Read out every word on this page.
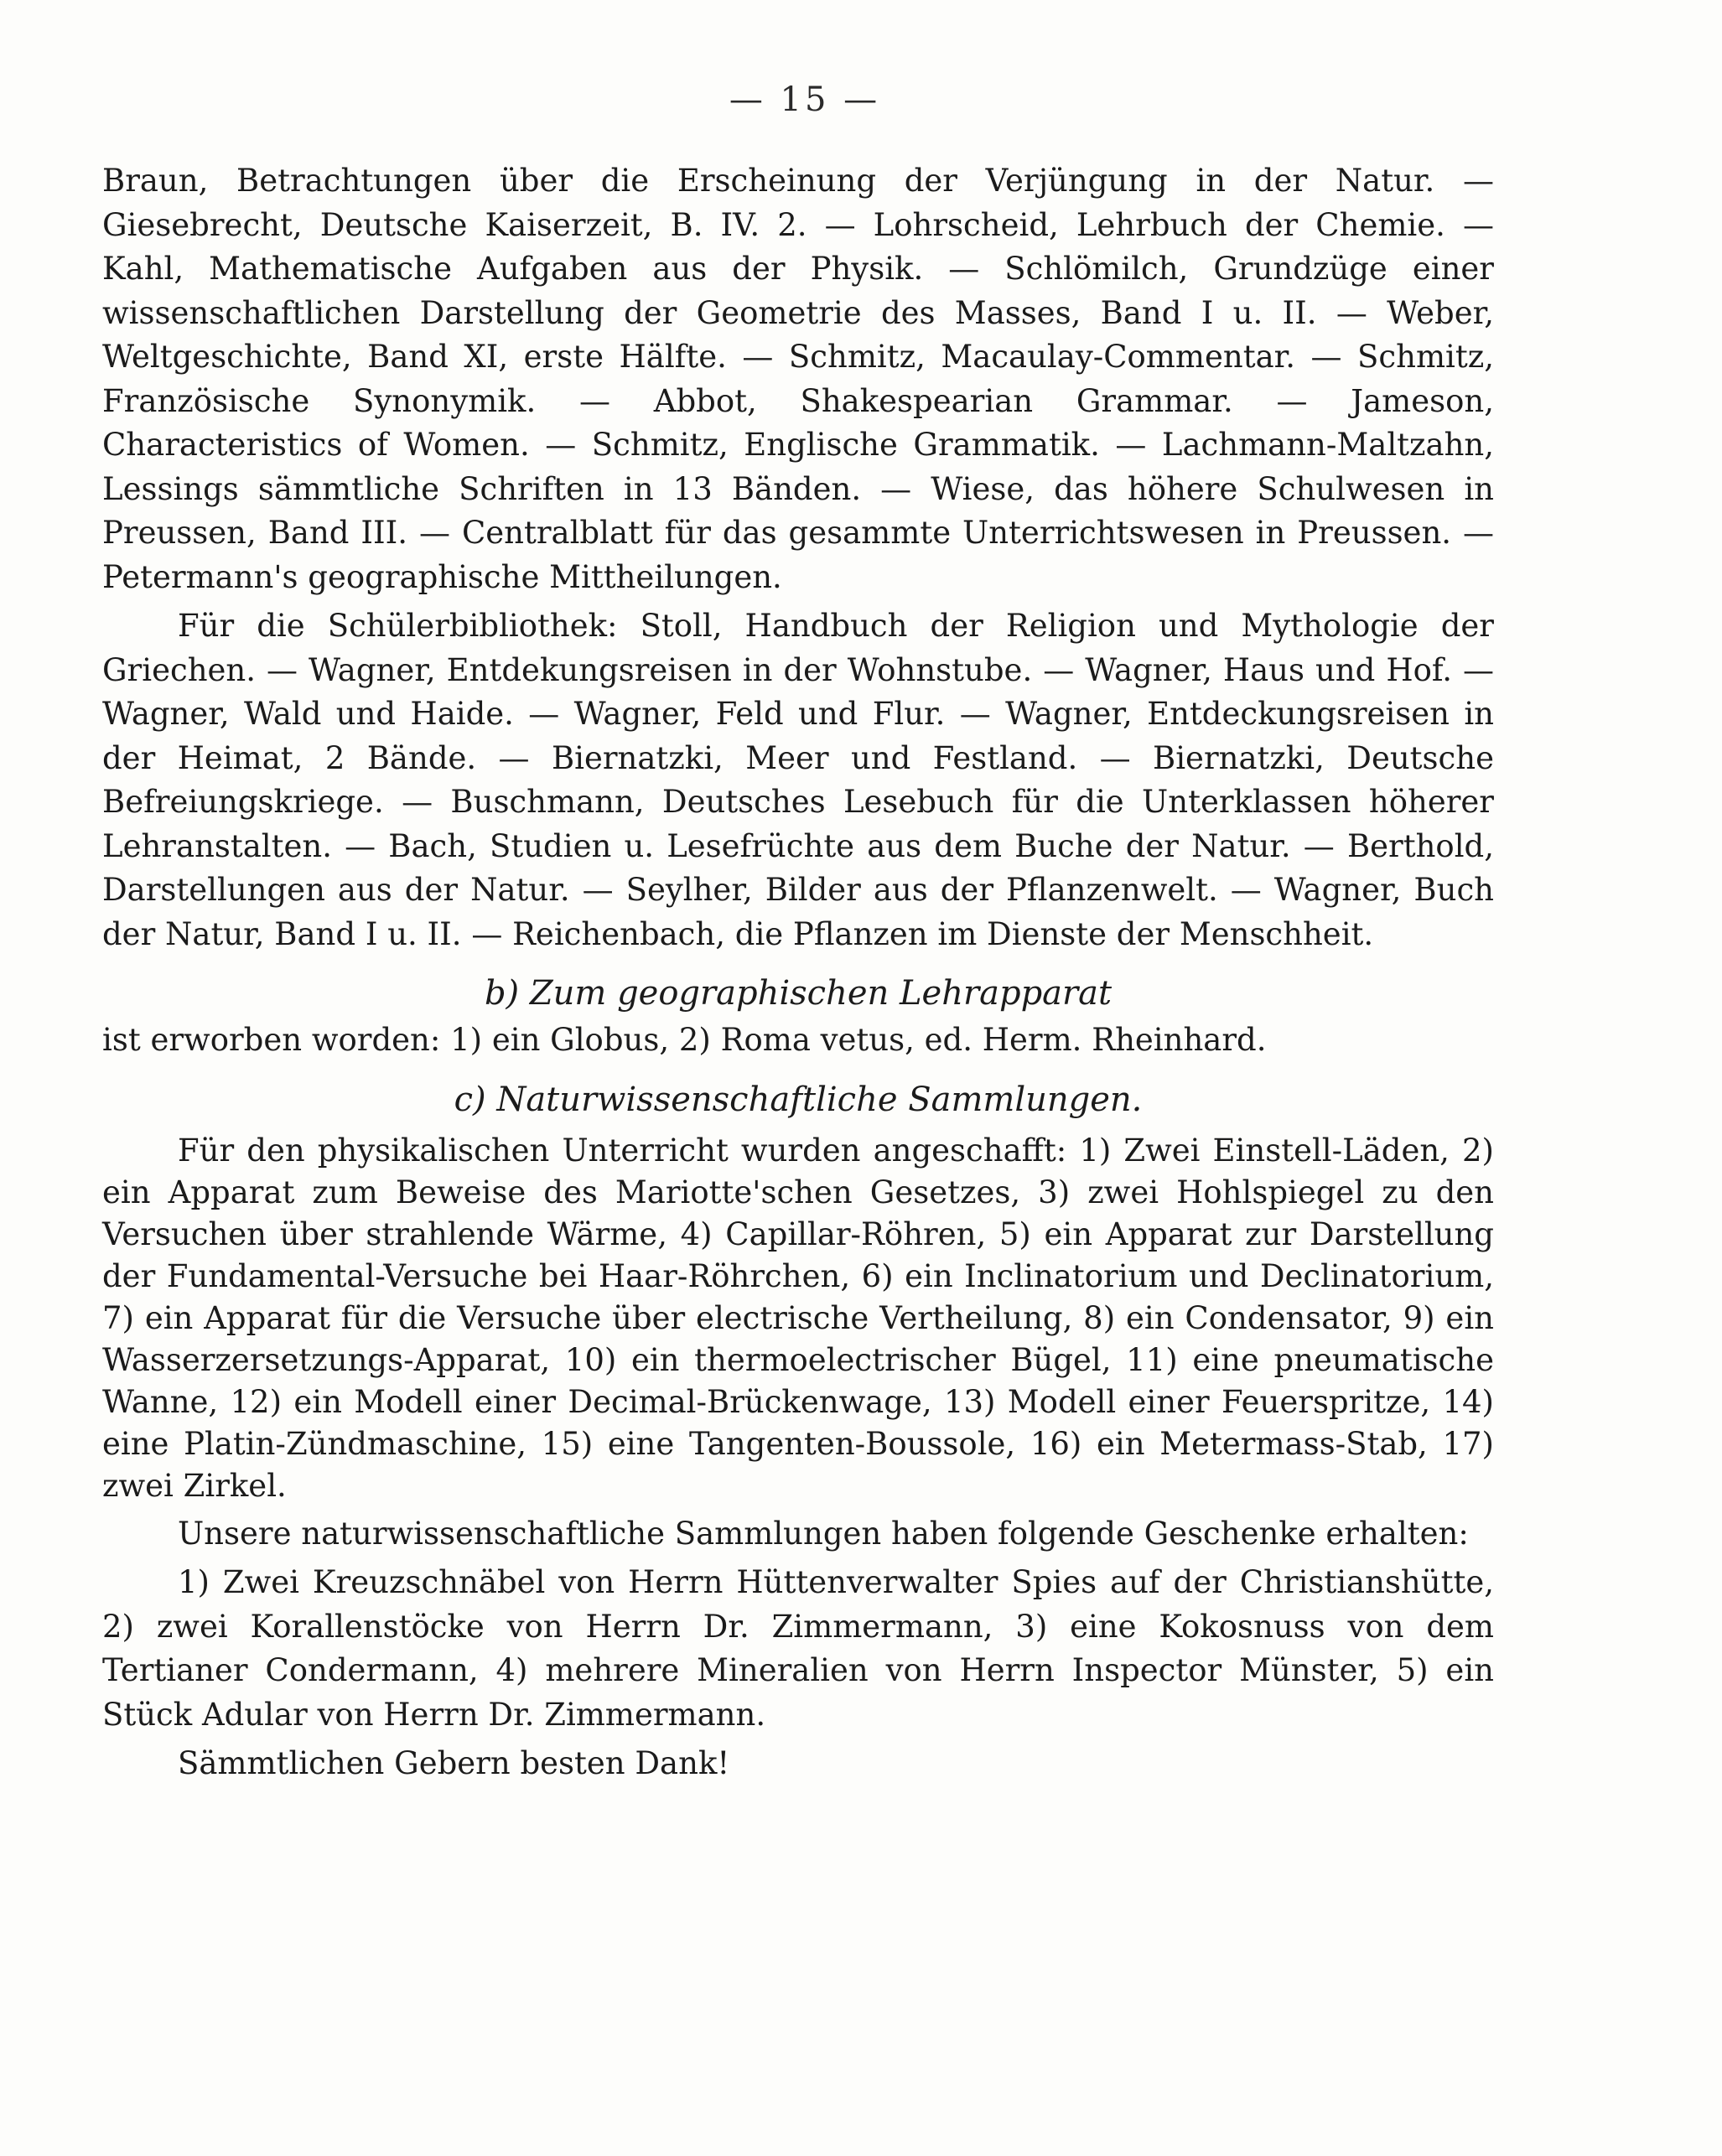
— 15 —

Braun, Betrachtungen über die Erscheinung der Verjüngung in der Natur. — Giesebrecht, Deutsche Kaiserzeit, B. IV. 2. — Lohrscheid, Lehrbuch der Chemie. — Kahl, Mathematische Aufgaben aus der Physik. — Schlömilch, Grundzüge einer wissenschaftlichen Darstellung der Geometrie des Masses, Band I u. II. — Weber, Weltgeschichte, Band XI, erste Hälfte. — Schmitz, Macaulay-Commentar. — Schmitz, Französische Synonymik. — Abbot, Shakespearian Grammar. — Jameson, Characteristics of Women. — Schmitz, Englische Grammatik. — Lachmann-Maltzahn, Lessings sämmtliche Schriften in 13 Bänden. — Wiese, das höhere Schulwesen in Preussen, Band III. — Centralblatt für das gesammte Unterrichtswesen in Preussen. — Petermann's geographische Mittheilungen.

Für die Schülerbibliothek: Stoll, Handbuch der Religion und Mythologie der Griechen. — Wagner, Entdekungsreisen in der Wohnstube. — Wagner, Haus und Hof. — Wagner, Wald und Haide. — Wagner, Feld und Flur. — Wagner, Entdeckungsreisen in der Heimat, 2 Bände. — Biernatzki, Meer und Festland. — Biernatzki, Deutsche Befreiungskriege. — Buschmann, Deutsches Lesebuch für die Unterklassen höherer Lehranstalten. — Bach, Studien u. Lesefrüchte aus dem Buche der Natur. — Berthold, Darstellungen aus der Natur. — Seylher, Bilder aus der Pflanzenwelt. — Wagner, Buch der Natur, Band I u. II. — Reichenbach, die Pflanzen im Dienste der Menschheit.

b) Zum geographischen Lehrapparat

ist erworben worden: 1) ein Globus, 2) Roma vetus, ed. Herm. Rheinhard.

c) Naturwissenschaftliche Sammlungen.

Für den physikalischen Unterricht wurden angeschafft: 1) Zwei Einstell-Läden, 2) ein Apparat zum Beweise des Mariotte'schen Gesetzes, 3) zwei Hohlspiegel zu den Versuchen über strahlende Wärme, 4) Capillar-Röhren, 5) ein Apparat zur Darstellung der Fundamental-Versuche bei Haar-Röhrchen, 6) ein Inclinatorium und Declinatorium, 7) ein Apparat für die Versuche über electrische Vertheilung, 8) ein Condensator, 9) ein Wasserzersetzungs-Apparat, 10) ein thermoelectrischer Bügel, 11) eine pneumatische Wanne, 12) ein Modell einer Decimal-Brückenwage, 13) Modell einer Feuerspritze, 14) eine Platin-Zündmaschine, 15) eine Tangenten-Boussole, 16) ein Metermass-Stab, 17) zwei Zirkel.

Unsere naturwissenschaftliche Sammlungen haben folgende Geschenke erhalten:

1) Zwei Kreuzschnäbel von Herrn Hüttenverwalter Spies auf der Christianshütte, 2) zwei Korallenstöcke von Herrn Dr. Zimmermann, 3) eine Kokosnuss von dem Tertianer Condermann, 4) mehrere Mineralien von Herrn Inspector Münster, 5) ein Stück Adular von Herrn Dr. Zimmermann.

Sämmtlichen Gebern besten Dank!
